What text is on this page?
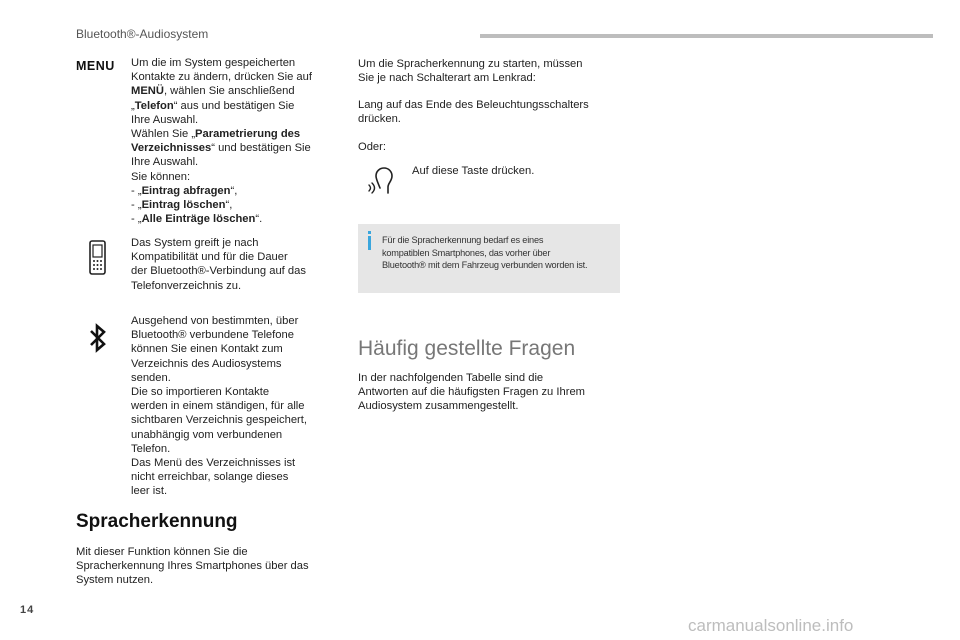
Bluetooth®-Audiosystem
MENU Um die im System gespeicherten
Kontakte zu ändern, drücken Sie auf
MENÜ, wählen Sie anschließend
„Telefon“ aus und bestätigen Sie
Ihre Auswahl.
Wählen Sie „Parametrierung des
Verzeichnisses“ und bestätigen Sie
Ihre Auswahl.
Sie können:
- „Eintrag abfragen“,
- „Eintrag löschen“,
- „Alle Einträge löschen“.
Das System greift je nach
Kompatibilität und für die Dauer
der Bluetooth®-Verbindung auf das
Telefonverzeichnis zu.
Ausgehend von bestimmten, über
Bluetooth® verbundene Telefone
können Sie einen Kontakt zum
Verzeichnis des Audiosystems
senden.
Die so importieren Kontakte
werden in einem ständigen, für alle
sichtbaren Verzeichnis gespeichert,
unabhängig vom verbundenen
Telefon.
Das Menü des Verzeichnisses ist
nicht erreichbar, solange dieses
leer ist.
Spracherkennung
Mit dieser Funktion können Sie die
Spracherkennung Ihres Smartphones über das
System nutzen.
Um die Spracherkennung zu starten, müssen
Sie je nach Schalterart am Lenkrad:
Lang auf das Ende des Beleuchtungsschalters
drücken.
Oder:
Auf diese Taste drücken.
Für die Spracherkennung bedarf es eines
kompatiblen Smartphones, das vorher über
Bluetooth® mit dem Fahrzeug verbunden worden ist.
Häufig gestellte Fragen
In der nachfolgenden Tabelle sind die
Antworten auf die häufigsten Fragen zu Ihrem
Audiosystem zusammengestellt.
14
carmanualsonline.info
